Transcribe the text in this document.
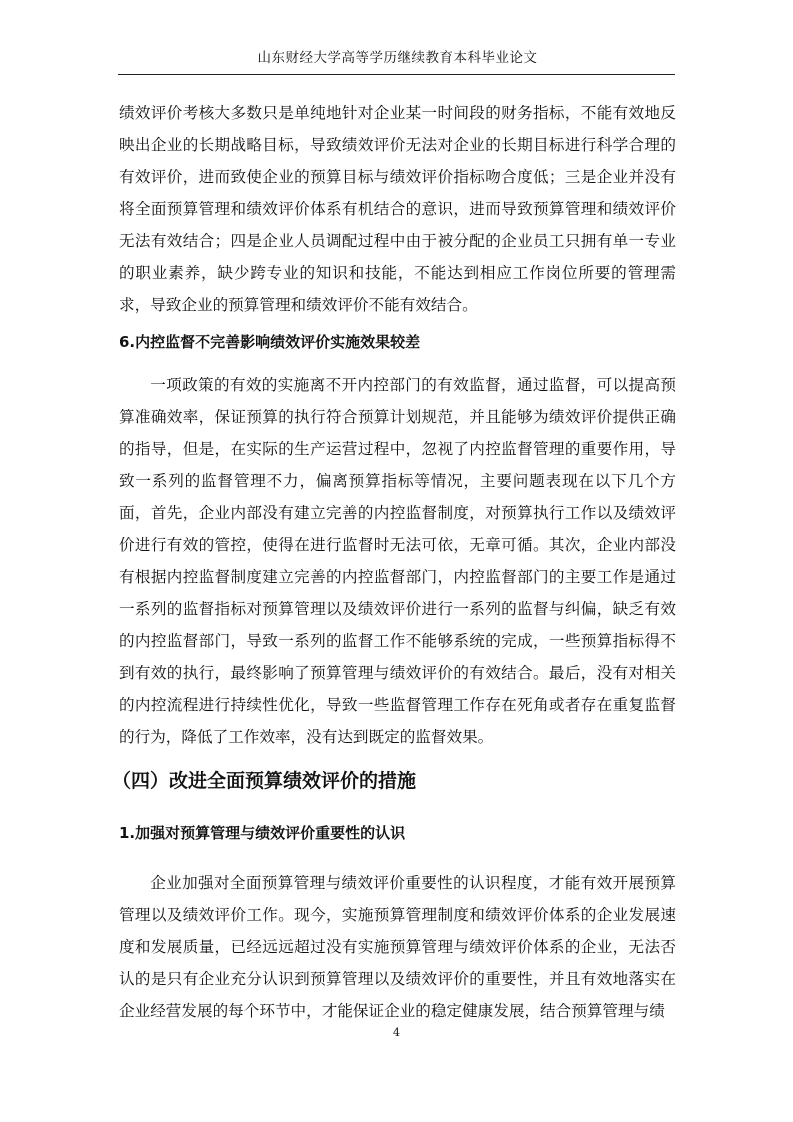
山东财经大学高等学历继续教育本科毕业论文

绩效评价考核大多数只是单纯地针对企业某一时间段的财务指标，不能有效地反映出企业的长期战略目标，导致绩效评价无法对企业的长期目标进行科学合理的有效评价，进而致使企业的预算目标与绩效评价指标吻合度低；三是企业并没有将全面预算管理和绩效评价体系有机结合的意识，进而导致预算管理和绩效评价无法有效结合；四是企业人员调配过程中由于被分配的企业员工只拥有单一专业的职业素养，缺少跨专业的知识和技能，不能达到相应工作岗位所要的管理需求，导致企业的预算管理和绩效评价不能有效结合。

6.内控监督不完善影响绩效评价实施效果较差

一项政策的有效的实施离不开内控部门的有效监督，通过监督，可以提高预算准确效率，保证预算的执行符合预算计划规范，并且能够为绩效评价提供正确的指导，但是，在实际的生产运营过程中，忽视了内控监督管理的重要作用，导致一系列的监督管理不力，偏离预算指标等情况，主要问题表现在以下几个方面，首先，企业内部没有建立完善的内控监督制度，对预算执行工作以及绩效评价进行有效的管控，使得在进行监督时无法可依，无章可循。其次，企业内部没有根据内控监督制度建立完善的内控监督部门，内控监督部门的主要工作是通过一系列的监督指标对预算管理以及绩效评价进行一系列的监督与纠偏，缺乏有效的内控监督部门，导致一系列的监督工作不能够系统的完成，一些预算指标得不到有效的执行，最终影响了预算管理与绩效评价的有效结合。最后，没有对相关的内控流程进行持续性优化，导致一些监督管理工作存在死角或者存在重复监督的行为，降低了工作效率，没有达到既定的监督效果。

（四）改进全面预算绩效评价的措施
1.加强对预算管理与绩效评价重要性的认识

企业加强对全面预算管理与绩效评价重要性的认识程度，才能有效开展预算管理以及绩效评价工作。现今，实施预算管理制度和绩效评价体系的企业发展速度和发展质量，已经远远超过没有实施预算管理与绩效评价体系的企业，无法否认的是只有企业充分认识到预算管理以及绩效评价的重要性，并且有效地落实在企业经营发展的每个环节中，才能保证企业的稳定健康发展，结合预算管理与绩

4
